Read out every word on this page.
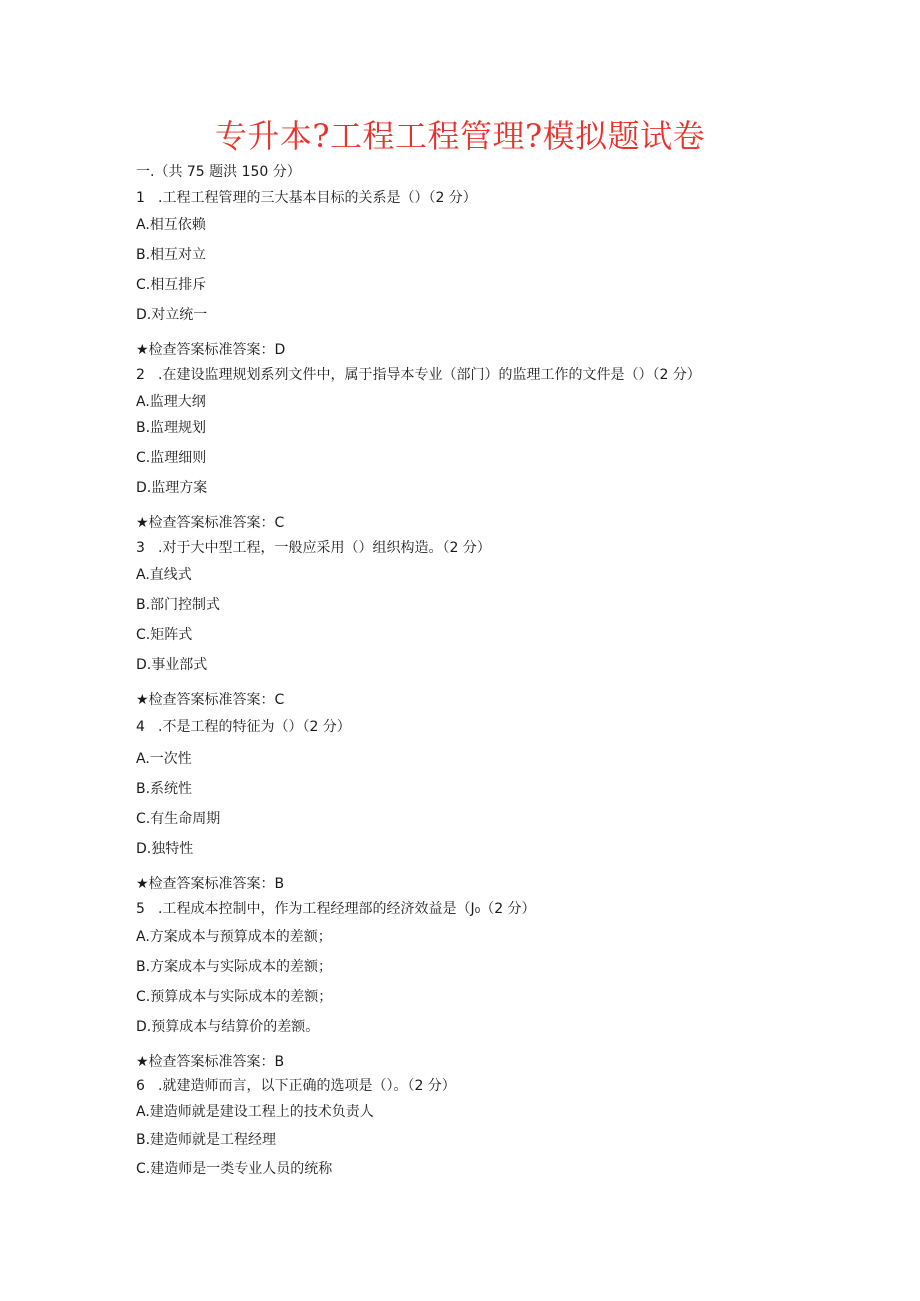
专升本?工程工程管理?模拟题试卷
一.（共 75 题洪 150 分）
1 .工程工程管理的三大基本目标的关系是（）（2 分）
A.相互依赖
B.相互对立
C.相互排斥
D.对立统一
★检查答案标准答案：D
2 .在建设监理规划系列文件中，属于指导本专业（部门）的监理工作的文件是（）（2 分）
A.监理大纲
B.监理规划
C.监理细则
D.监理方案
★检查答案标准答案：C
3 .对于大中型工程，一般应采用（）组织构造。（2 分）
A.直线式
B.部门控制式
C.矩阵式
D.事业部式
★检查答案标准答案：C
4 .不是工程的特征为（）（2 分）
A.一次性
B.系统性
C.有生命周期
D.独特性
★检查答案标准答案：B
5 .工程成本控制中，作为工程经理部的经济效益是（J₀（2 分）
A.方案成本与预算成本的差额；
B.方案成本与实际成本的差额；
C.预算成本与实际成本的差额；
D.预算成本与结算价的差额。
★检查答案标准答案：B
6 .就建造师而言，以下正确的选项是（）。（2 分）
A.建造师就是建设工程上的技术负责人
B.建造师就是工程经理
C.建造师是一类专业人员的统称
